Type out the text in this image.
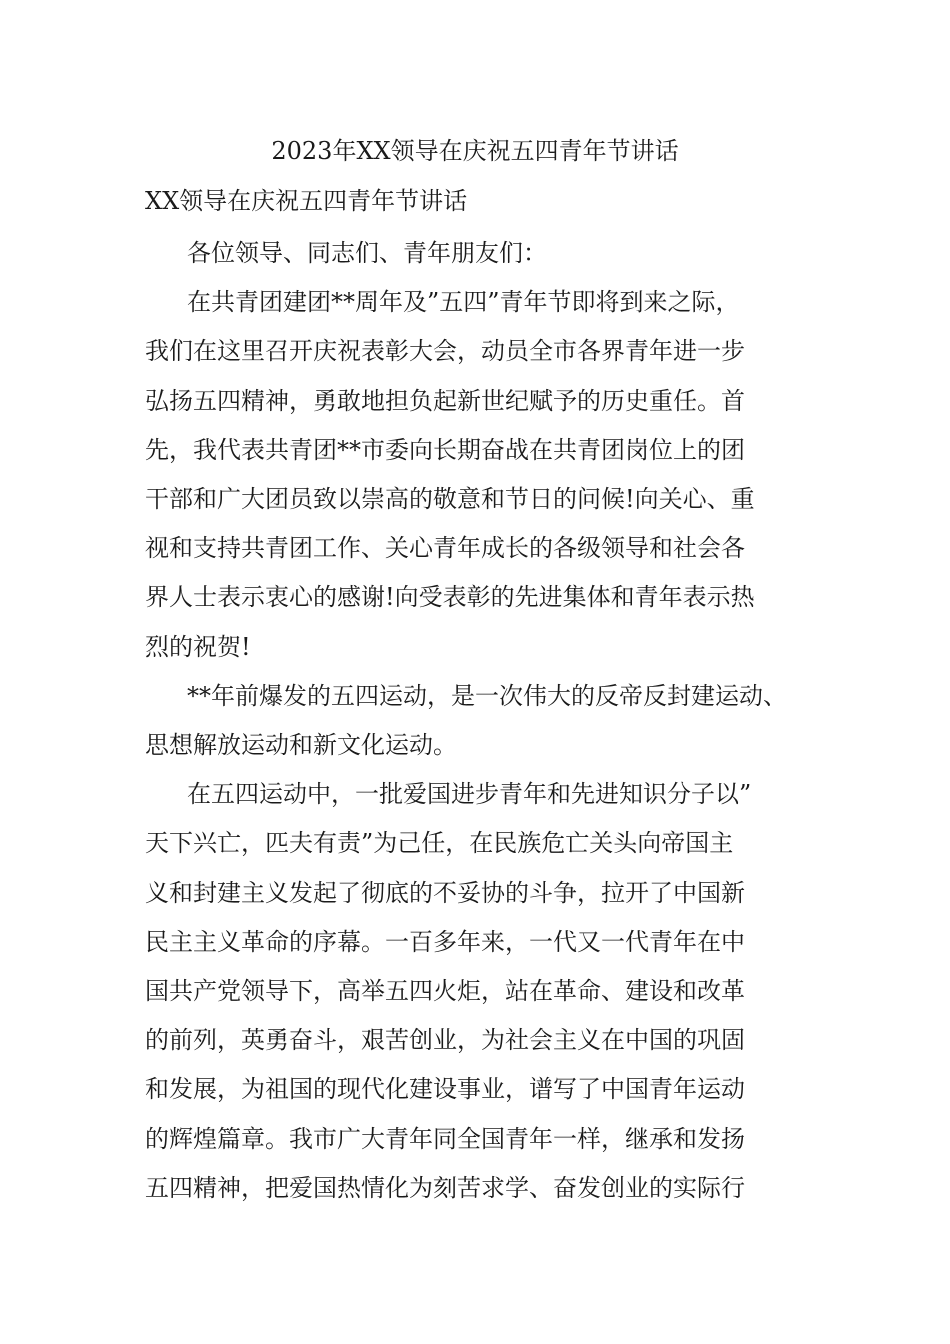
2023年XX领导在庆祝五四青年节讲话
XX领导在庆祝五四青年节讲话

各位领导、同志们、青年朋友们：

在共青团建团**周年及”五四”青年节即将到来之际，
我们在这里召开庆祝表彰大会，动员全市各界青年进一步
弘扬五四精神，勇敢地担负起新世纪赋予的历史重任。首
先，我代表共青团**市委向长期奋战在共青团岗位上的团
干部和广大团员致以崇高的敬意和节日的问候!向关心、重
视和支持共青团工作、关心青年成长的各级领导和社会各
界人士表示衷心的感谢!向受表彰的先进集体和青年表示热
烈的祝贺!

**年前爆发的五四运动，是一次伟大的反帝反封建运动、
思想解放运动和新文化运动。

在五四运动中，一批爱国进步青年和先进知识分子以”
天下兴亡，匹夫有责”为己任，在民族危亡关头向帝国主
义和封建主义发起了彻底的不妥协的斗争，拉开了中国新
民主主义革命的序幕。一百多年来，一代又一代青年在中
国共产党领导下，高举五四火炬，站在革命、建设和改革
的前列，英勇奋斗，艰苦创业，为社会主义在中国的巩固
和发展，为祖国的现代化建设事业，谱写了中国青年运动
的辉煌篇章。我市广大青年同全国青年一样，继承和发扬
五四精神，把爱国热情化为刻苦求学、奋发创业的实际行
